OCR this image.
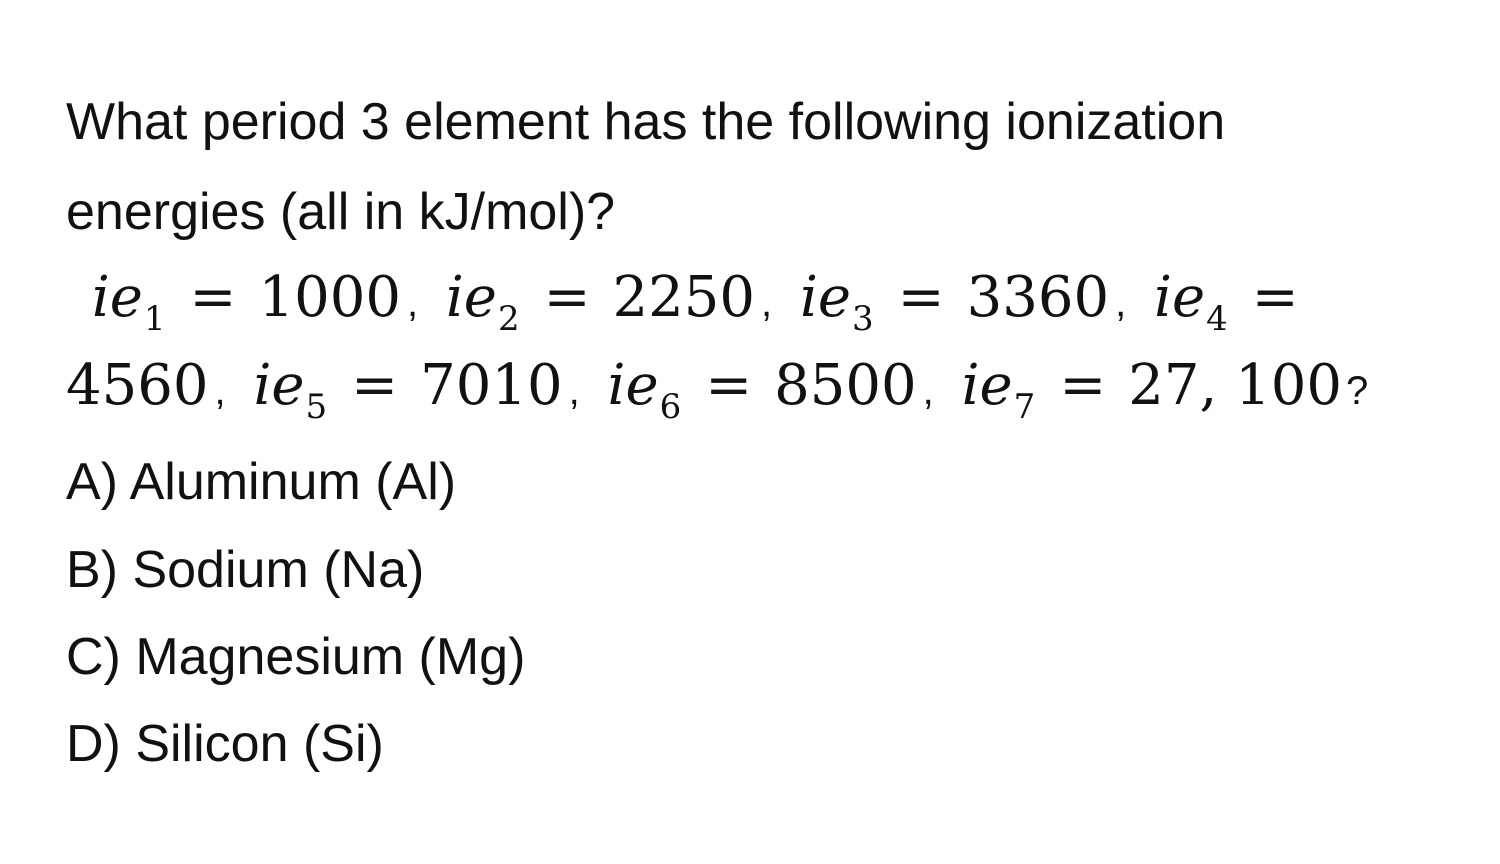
What period 3 element has the following ionization
energies (all in kJ/mol)?
$ie_1 = 1000$ , $ie_2 = 2250$ , $ie_3 = 3360$ , $ie_4$ =
4560 , $ie_5 = 7010$ , $ie_6 = 8500$ , $ie_7 = 27$, 100 ?
A) Aluminum (Al)
B) Sodium (Na)
C) Magnesium (Mg)
D) Silicon (Si)
